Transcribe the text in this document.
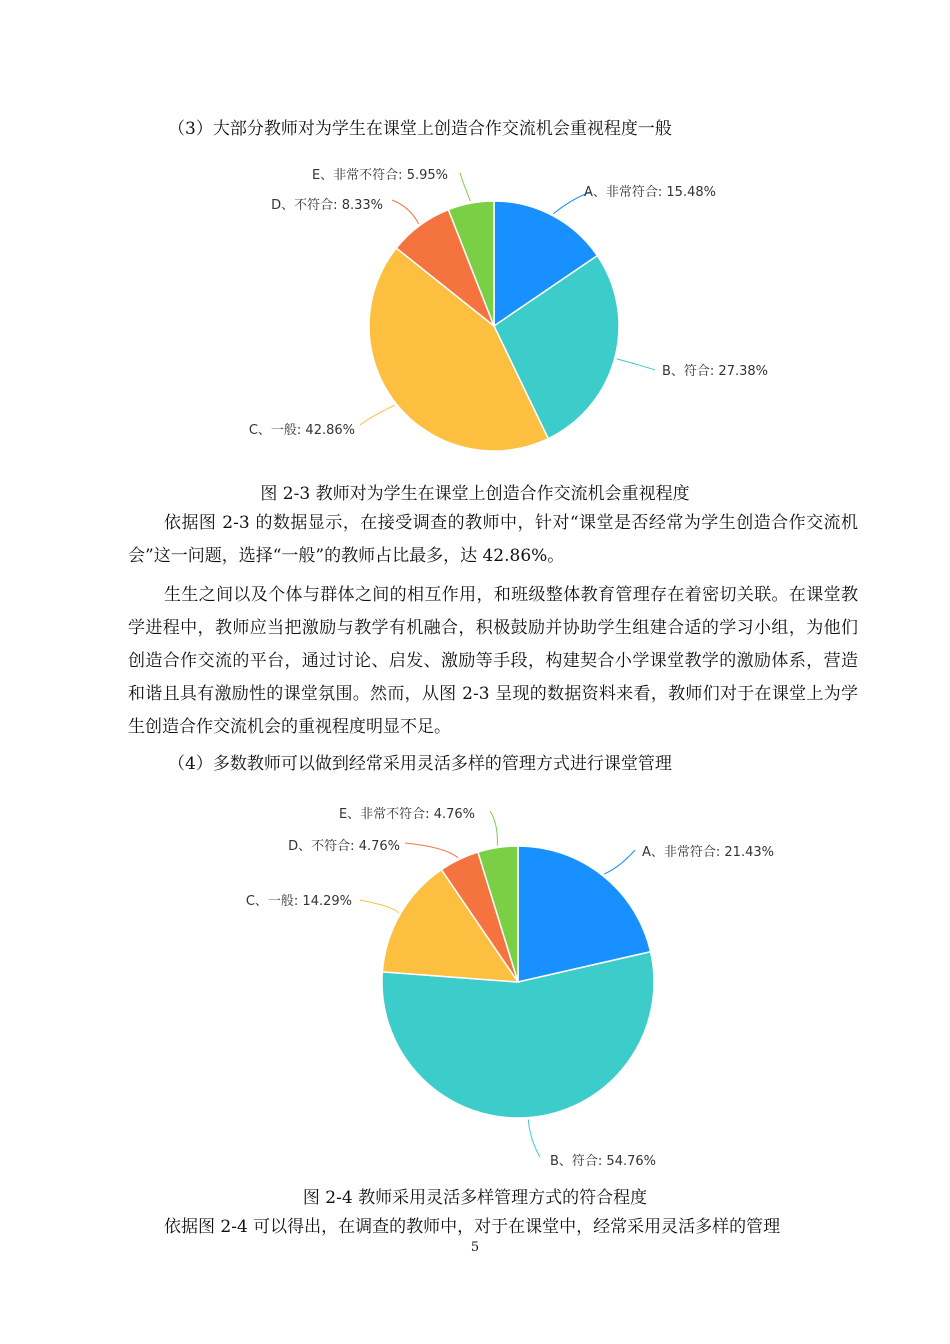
（3）大部分教师对为学生在课堂上创造合作交流机会重视程度一般
A、非常符合: 15.48%
B、符合: 27.38%
C、一般: 42.86%
D、不符合: 8.33%
E、非常不符合: 5.95%
图 2-3 教师对为学生在课堂上创造合作交流机会重视程度

依据图 2-3 的数据显示，在接受调查的教师中，针对“课堂是否经常为学生创造合作交流机会”这一问题，选择“一般”的教师占比最多，达 42.86%。

生生之间以及个体与群体之间的相互作用，和班级整体教育管理存在着密切关联。在课堂教学进程中，教师应当把激励与教学有机融合，积极鼓励并协助学生组建合适的学习小组，为他们创造合作交流的平台，通过讨论、启发、激励等手段，构建契合小学课堂教学的激励体系，营造和谐且具有激励性的课堂氛围。然而，从图 2-3 呈现的数据资料来看，教师们对于在课堂上为学生创造合作交流机会的重视程度明显不足。

（4）多数教师可以做到经常采用灵活多样的管理方式进行课堂管理
A、非常符合: 21.43%
B、符合: 54.76%
C、一般: 14.29%
D、不符合: 4.76%
E、非常不符合: 4.76%
图 2-4 教师采用灵活多样管理方式的符合程度

依据图 2-4 可以得出，在调查的教师中，对于在课堂中，经常采用灵活多样的管理

5
